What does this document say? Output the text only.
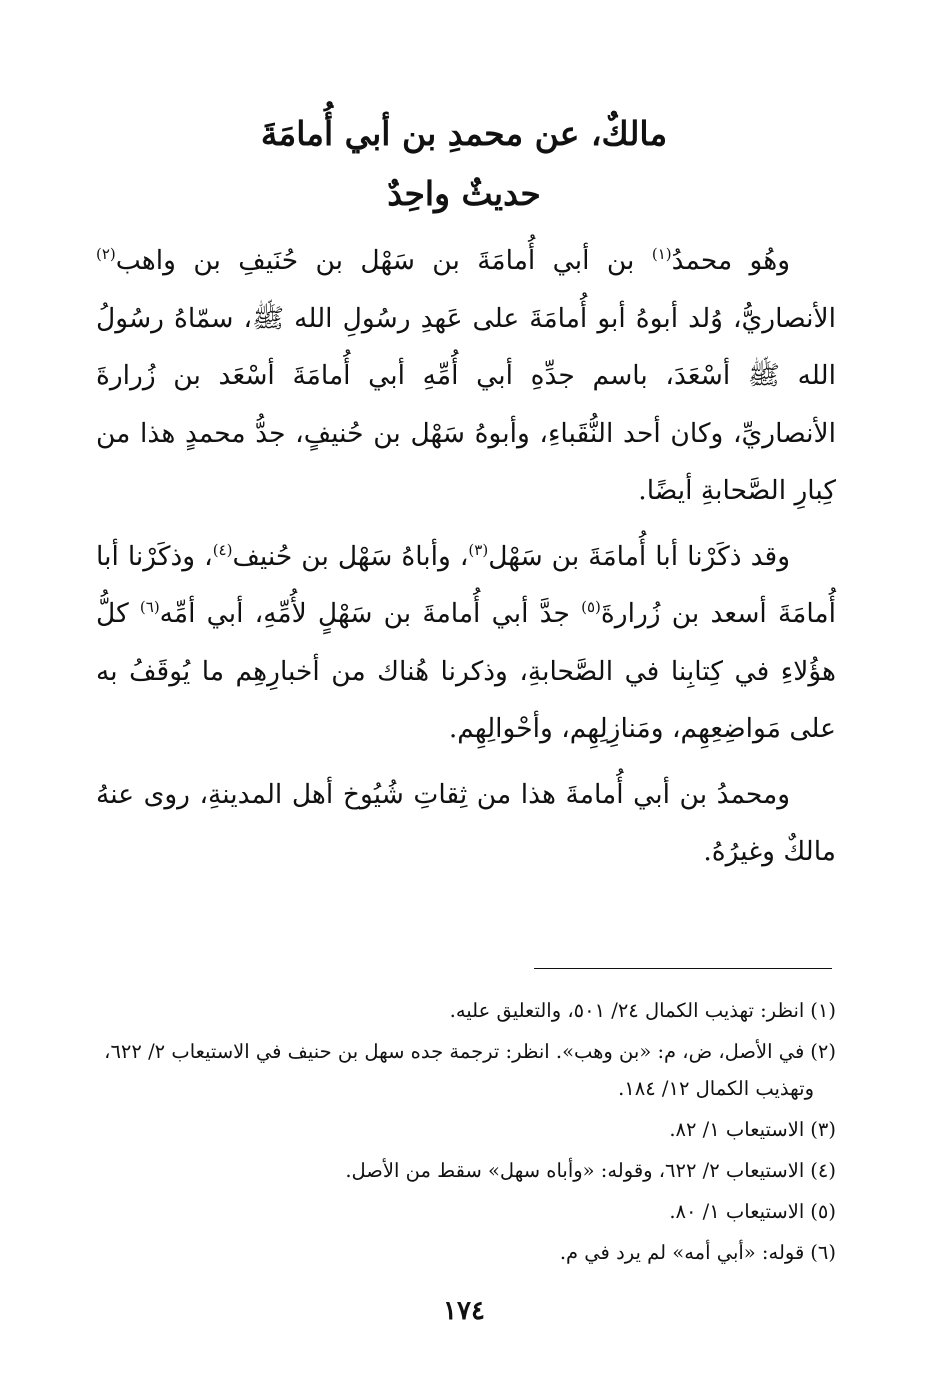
مالكٌ، عن محمدِ بن أبي أُمامَةَ
حديثٌ واحِدٌ

وهُو محمدُ$^{(١)}$ بن أبي أُمامَةَ بن سَهْل بن حُنَيفِ بن واهب$^{(٢)}$ الأنصاريُّ، وُلد أبوهُ أبو أُمامَةَ على عَهدِ رسُولِ الله ﷺ، سمّاهُ رسُولُ الله ﷺ أسْعَدَ، باسم جدِّهِ أبي أُمِّهِ أبي أُمامَةَ أسْعَد بن زُرارةَ الأنصاريِّ، وكان أحد النُّقَباءِ، وأبوهُ سَهْل بن حُنيفٍ، جدُّ محمدٍ هذا من كِبارِ الصَّحابةِ أيضًا.

وقد ذكَرْنا أبا أُمامَةَ بن سَهْل$^{(٣)}$، وأباهُ سَهْل بن حُنيف$^{(٤)}$، وذكَرْنا أبا أُمامَةَ أسعد بن زُرارةَ$^{(٥)}$ جدَّ أبي أُمامةَ بن سَهْلٍ لأُمِّهِ، أبي أمِّه$^{(٦)}$ كلُّ هؤُلاءِ في كِتابِنا في الصَّحابةِ، وذكرنا هُناك من أخبارِهِم ما يُوقَفُ به على مَواضِعِهِم، ومَنازِلِهِم، وأحْوالِهِم.

ومحمدُ بن أبي أُمامةَ هذا من ثِقاتِ شُيُوخ أهل المدينةِ، روى عنهُ مالكٌ وغيرُهُ.

(١)انظر: تهذيب الكمال ٢٤/ ٥٠١، والتعليق عليه.
(٢)في الأصل، ض، م: «بن وهب». انظر: ترجمة جده سهل بن حنيف في الاستيعاب ٢/ ٦٢٢،
وتهذيب الكمال ١٢/ ١٨٤.
(٣)الاستيعاب ١/ ٨٢.
(٤)الاستيعاب ٢/ ٦٢٢، وقوله: «وأباه سهل» سقط من الأصل.
(٥)الاستيعاب ١/ ٨٠.
(٦)قوله: «أبي أمه» لم يرد في م.
١٧٤
